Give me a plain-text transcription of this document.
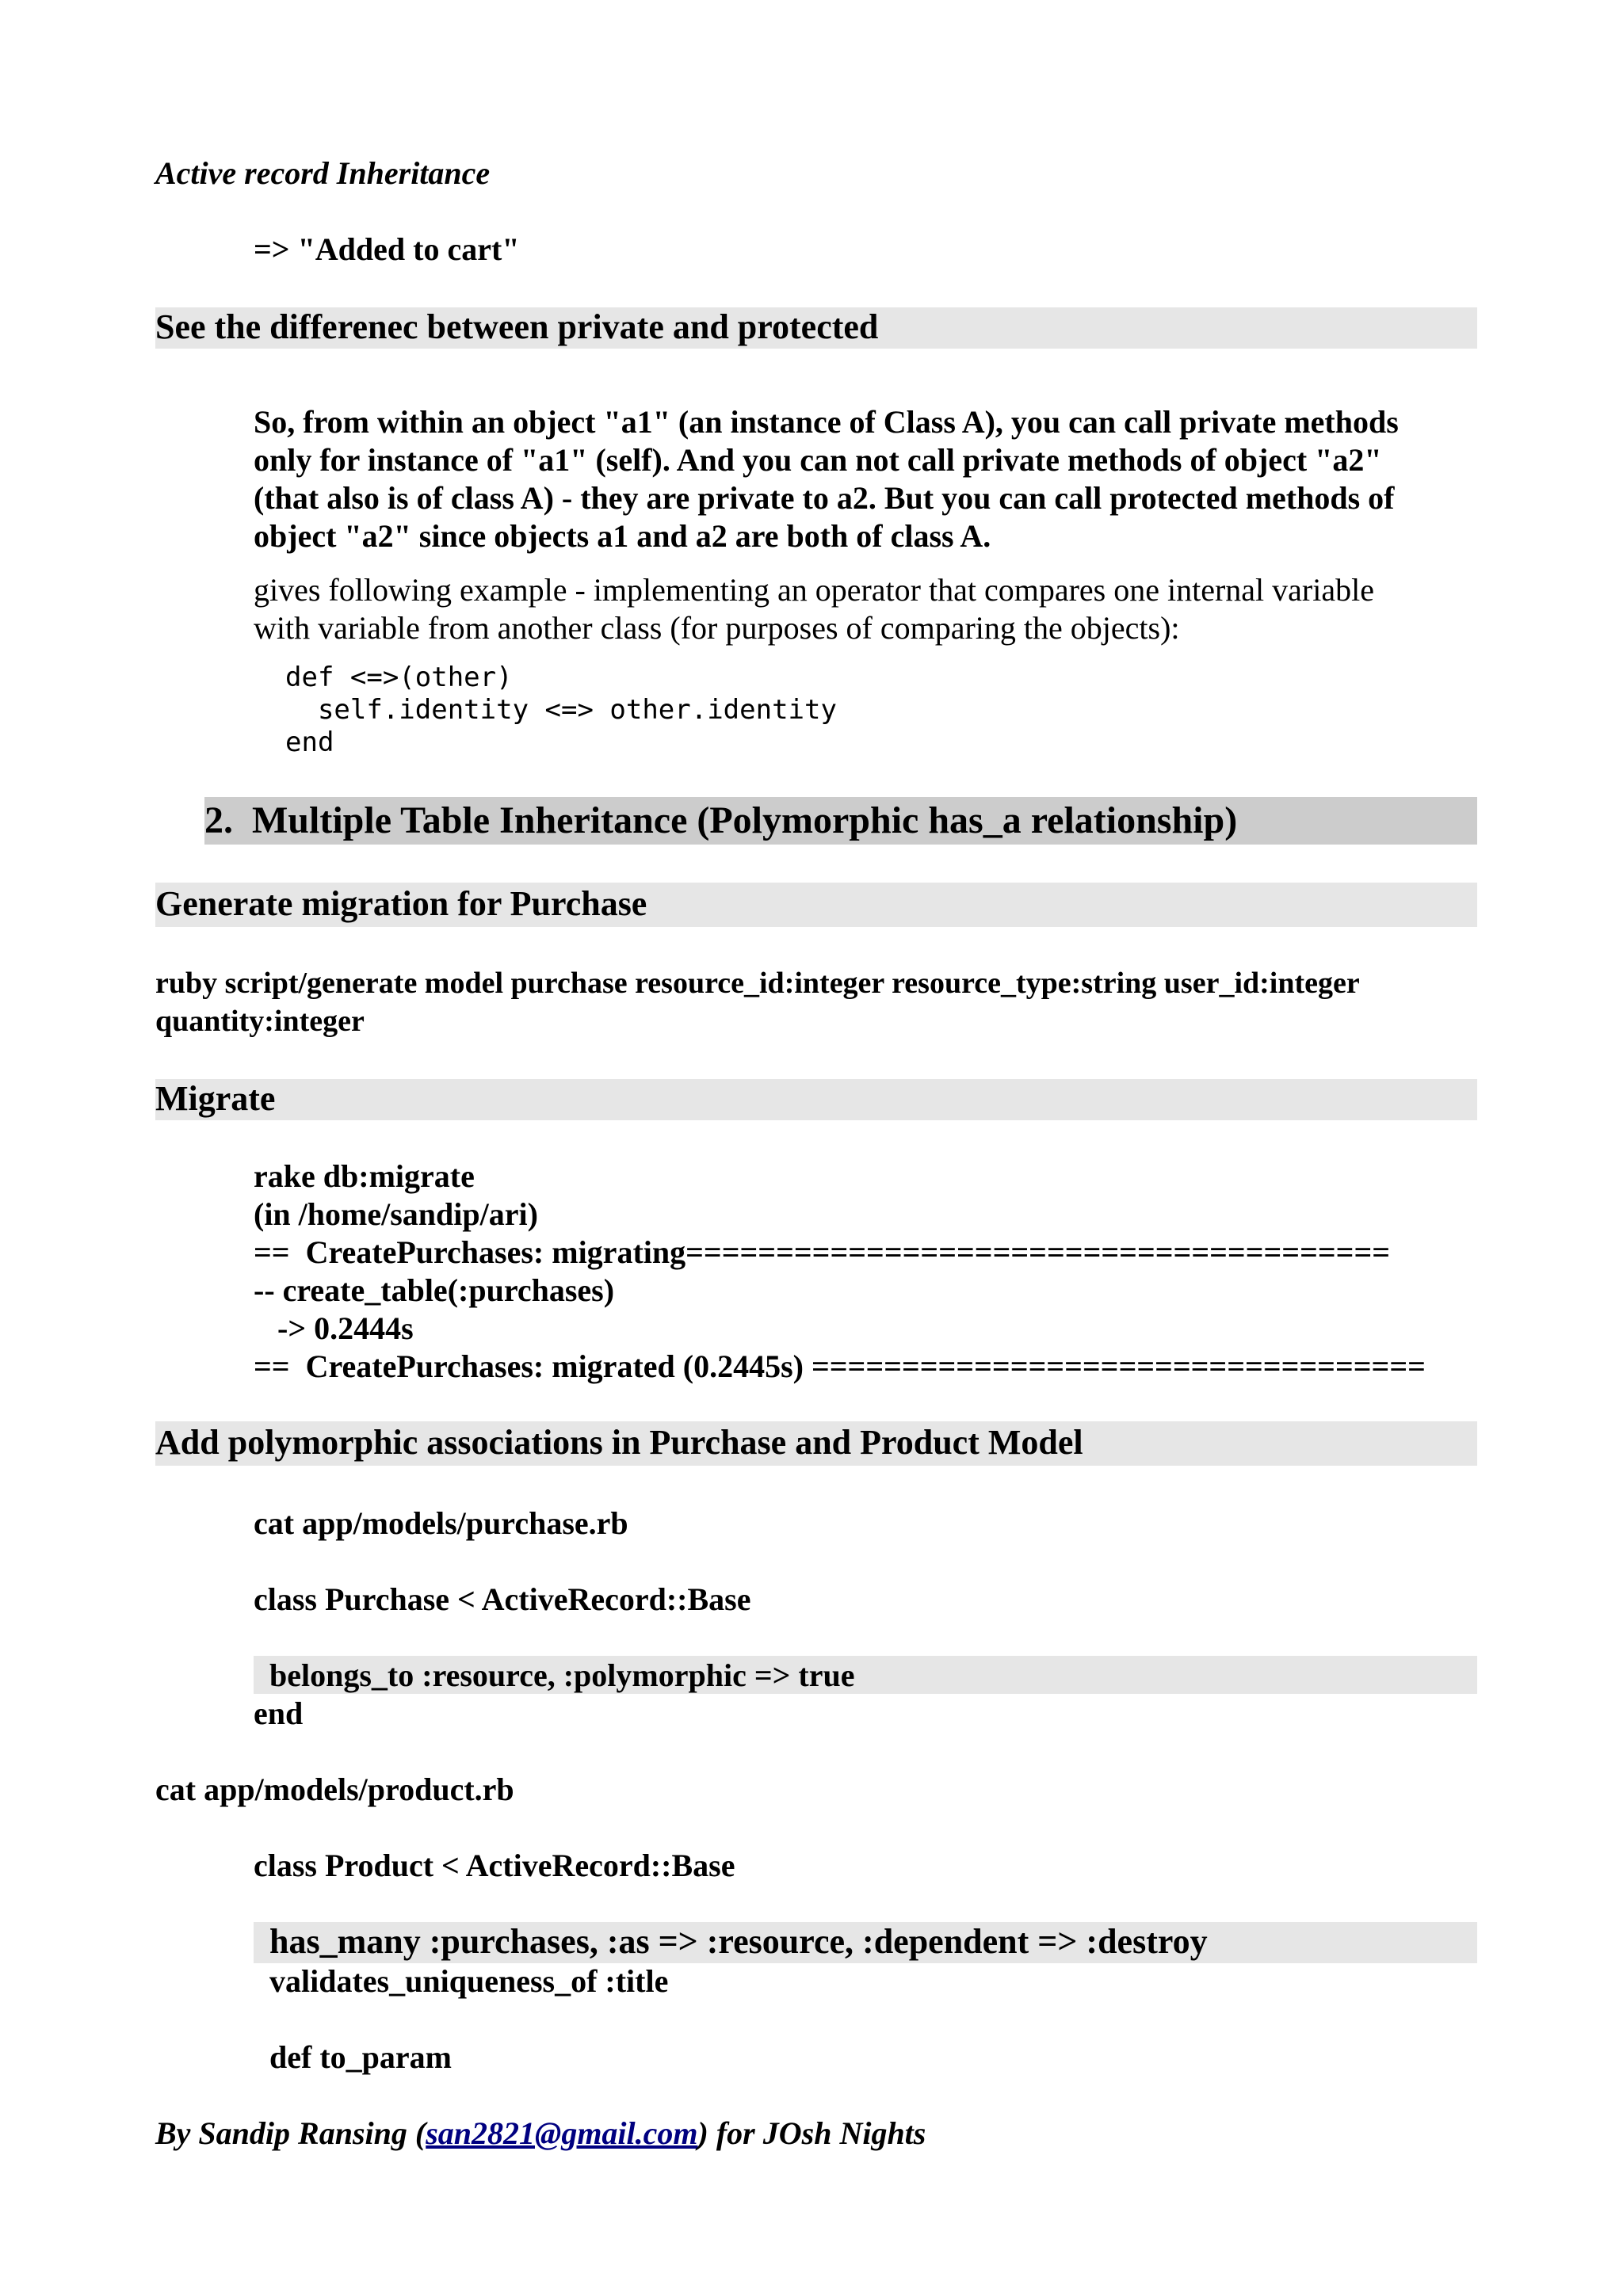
Active record Inheritance
=> "Added to cart"
See the differenec between private and protected
So, from within an object "a1" (an instance of Class A), you can call private methods
only for instance of "a1" (self). And you can not call private methods of object "a2"
(that also is of class A) - they are private to a2. But you can call protected methods of
object "a2" since objects a1 and a2 are both of class A.
gives following example - implementing an operator that compares one internal variable
with variable from another class (for purposes of comparing the objects):
def <=>(other)
self.identity <=> other.identity
end
2.  Multiple Table Inheritance (Polymorphic has_a relationship)
Generate migration for Purchase
ruby script/generate model purchase resource_id:integer resource_type:string user_id:integer
quantity:integer
Migrate
rake db:migrate
(in /home/sandip/ari)
==  CreatePurchases: migrating=======================================
-- create_table(:purchases)
-> 0.2444s
==  CreatePurchases: migrated (0.2445s) ==================================
Add polymorphic associations in Purchase and Product Model
cat app/models/purchase.rb
class Purchase < ActiveRecord::Base
belongs_to :resource, :polymorphic => true
end
cat app/models/product.rb
class Product < ActiveRecord::Base
has_many :purchases, :as => :resource, :dependent => :destroy
validates_uniqueness_of :title
def to_param
By Sandip Ransing (san2821@gmail.com) for JOsh Nights
